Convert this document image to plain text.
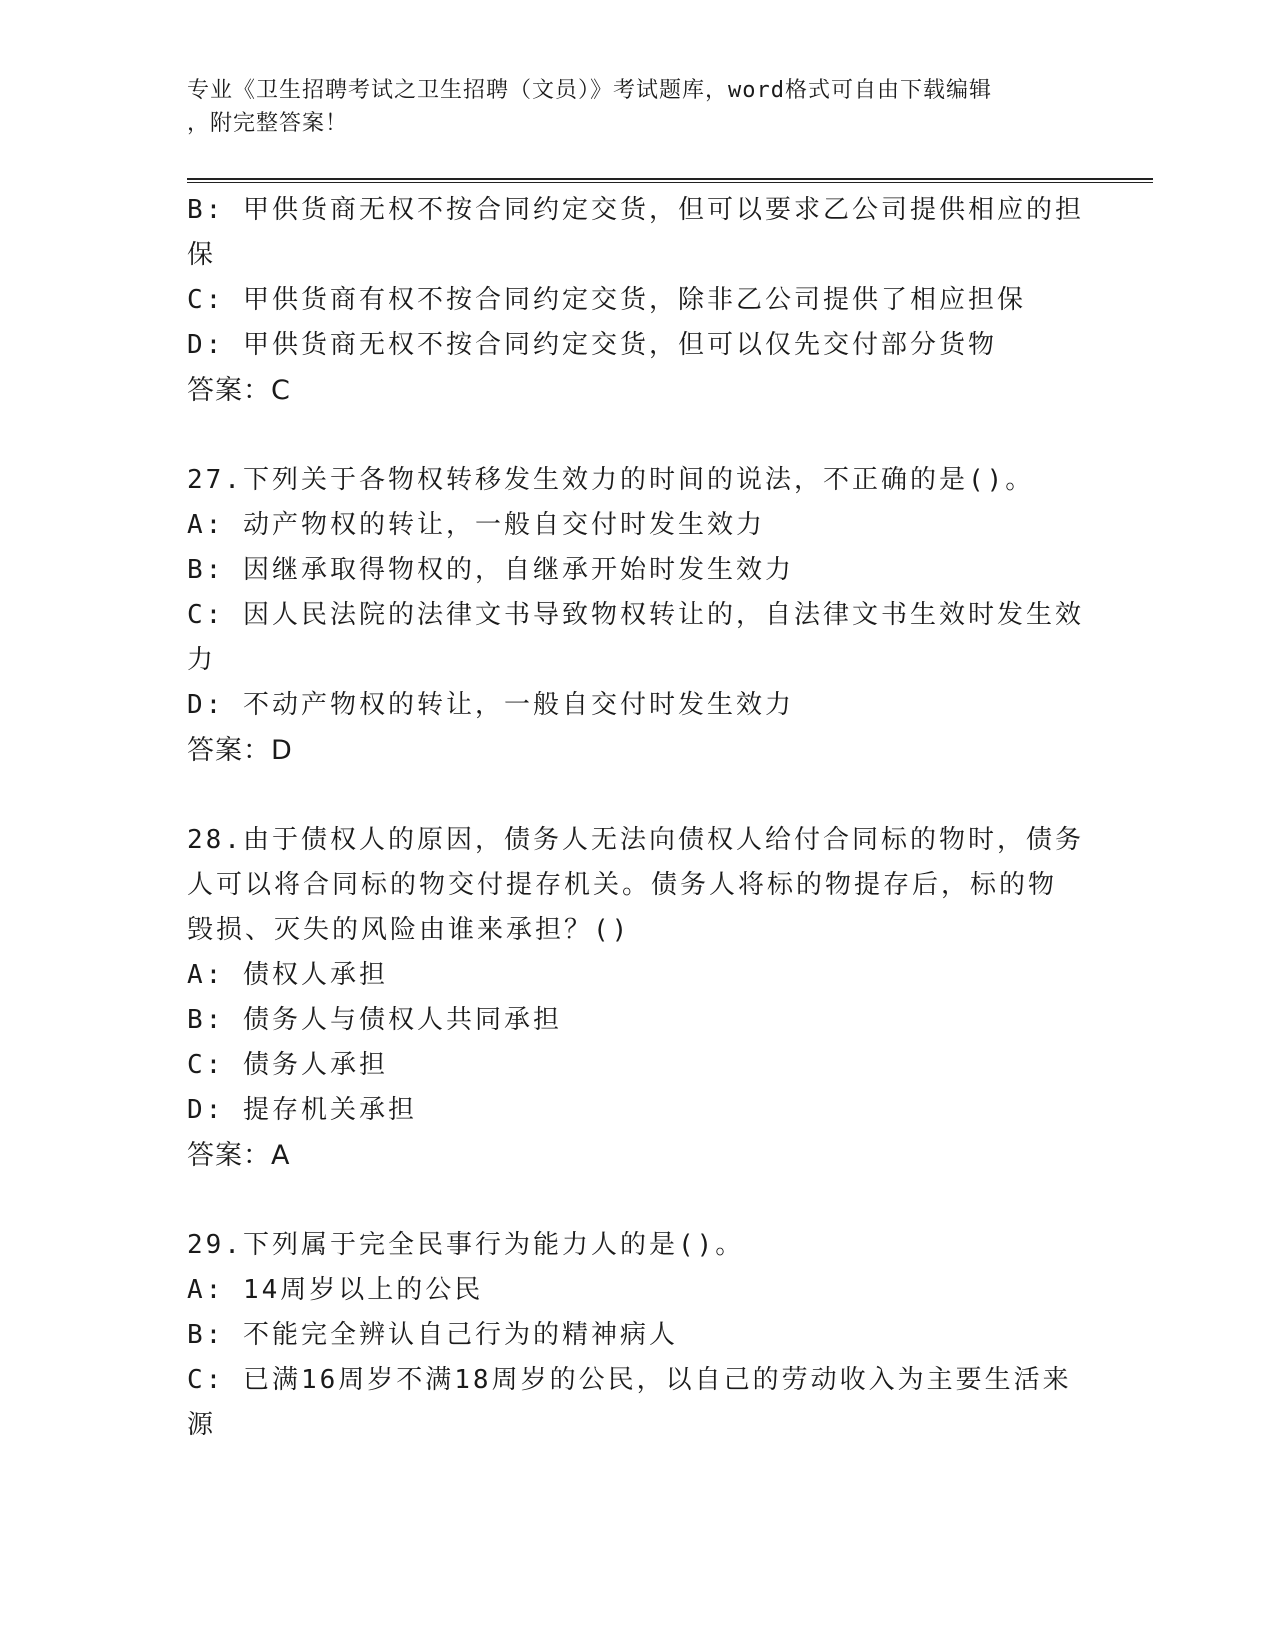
专业《卫生招聘考试之卫生招聘（文员）》考试题库，word格式可自由下载编辑
，附完整答案！
B: 甲供货商无权不按合同约定交货，但可以要求乙公司提供相应的担
保
C: 甲供货商有权不按合同约定交货，除非乙公司提供了相应担保
D: 甲供货商无权不按合同约定交货，但可以仅先交付部分货物
答案：C
27.下列关于各物权转移发生效力的时间的说法，不正确的是()。
A: 动产物权的转让，一般自交付时发生效力
B: 因继承取得物权的，自继承开始时发生效力
C: 因人民法院的法律文书导致物权转让的，自法律文书生效时发生效
力
D: 不动产物权的转让，一般自交付时发生效力
答案：D
28.由于债权人的原因，债务人无法向债权人给付合同标的物时，债务
人可以将合同标的物交付提存机关。债务人将标的物提存后，标的物
毁损、灭失的风险由谁来承担？()
A: 债权人承担
B: 债务人与债权人共同承担
C: 债务人承担
D: 提存机关承担
答案：A
29.下列属于完全民事行为能力人的是()。
A: 14周岁以上的公民
B: 不能完全辨认自己行为的精神病人
C: 已满16周岁不满18周岁的公民，以自己的劳动收入为主要生活来
源
